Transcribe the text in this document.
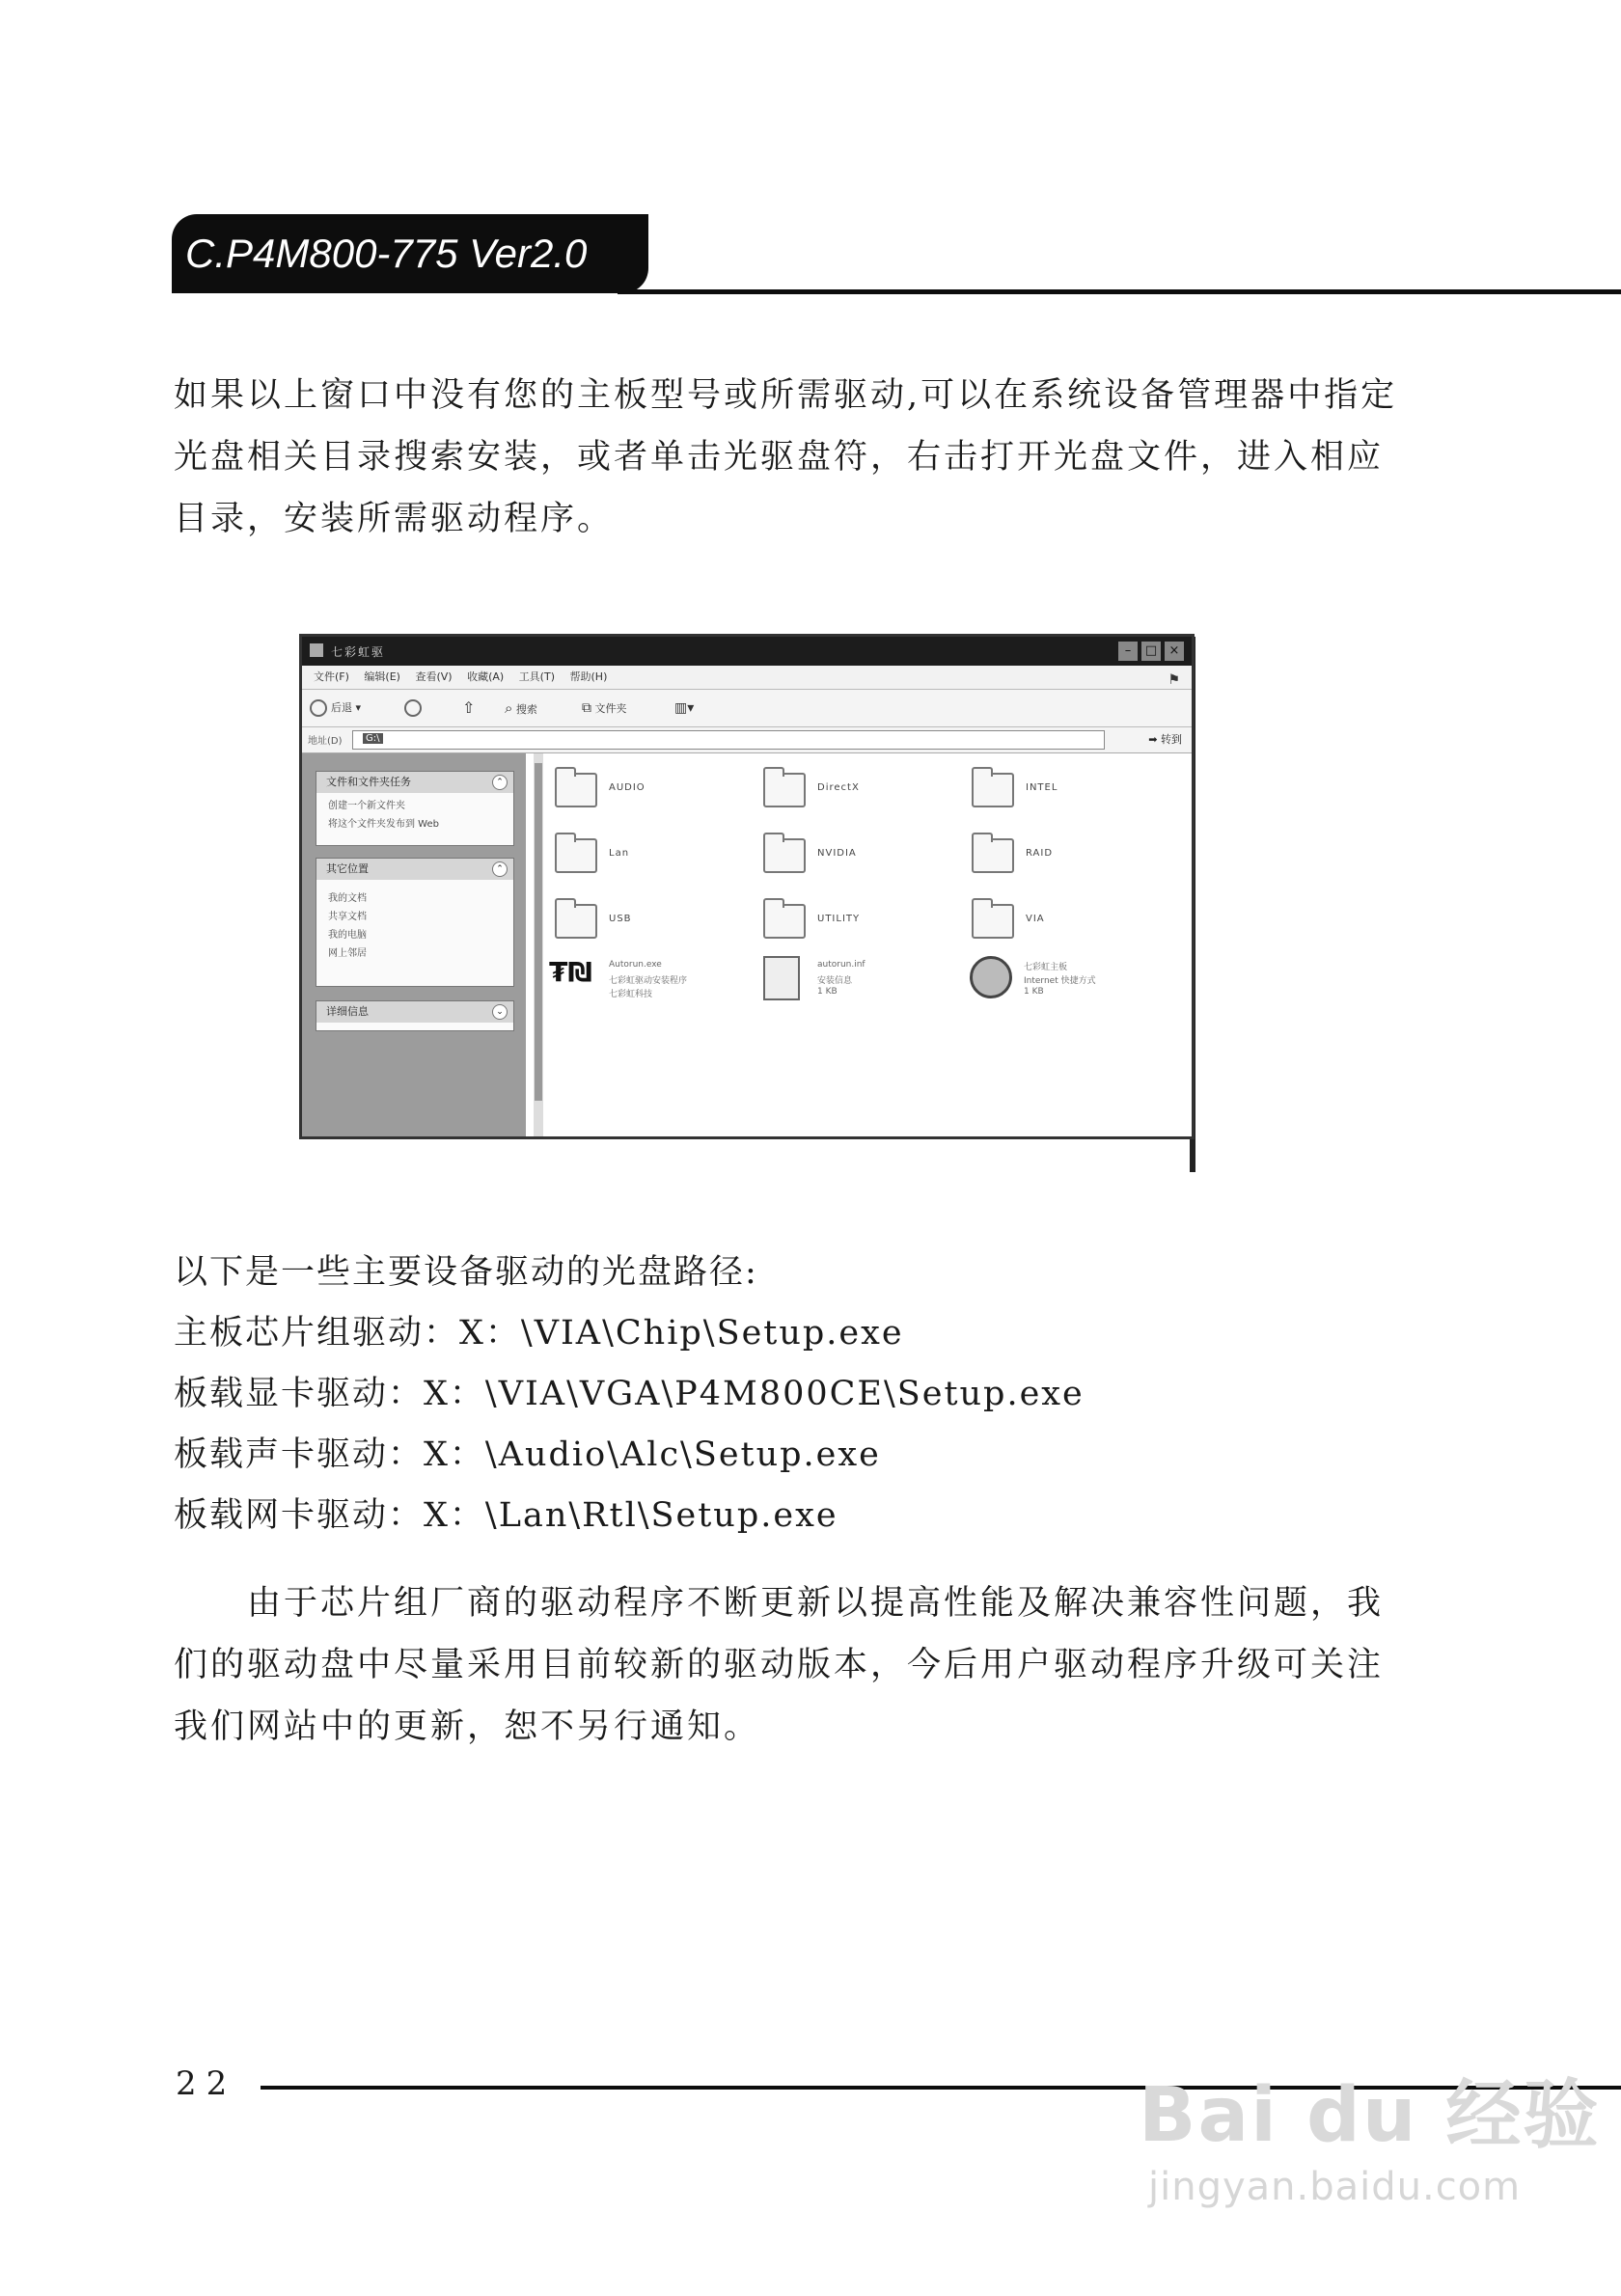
C.P4M800-775 Ver2.0

如果以上窗口中没有您的主板型号或所需驱动,可以在系统设备管理器中指定光盘相关目录搜索安装，或者单击光驱盘符，右击打开光盘文件，进入相应目录，安装所需驱动程序。

七彩虹驱	–	□ ×
文件(F) 编辑(E) 查看(V) 收藏(A) 工具(T) 帮助(H)	⚑
后退 ▾	⇧ ⌕ 搜索	⧉ 文件夹	▥▾
地址(D)	G:\	➡ 转到
文件和文件夹任务	⌃
创建一个新文件夹
将这个文件夹发布到 Web
其它位置	⌃
我的文档
共享文档
我的电脑
网上邻居
详细信息	⌄
AUDIO	DirectX	INTEL
Lan	NVIDIA	RAID
USB	UTILITY	VIA
₮₪	Autorun.exe
七彩虹驱动安装程序
七彩虹科技
autorun.inf
安装信息
1 KB
七彩虹主板
Internet 快捷方式
1 KB
以下是一些主要设备驱动的光盘路径:
主板芯片组驱动：X：\VIA\Chip\Setup.exe
板载显卡驱动：X：\VIA\VGA\P4M800CE\Setup.exe
板载声卡驱动：X：\Audio\Alc\Setup.exe
板载网卡驱动：X：\Lan\Rtl\Setup.exe

　　由于芯片组厂商的驱动程序不断更新以提高性能及解决兼容性问题，我们的驱动盘中尽量采用目前较新的驱动版本，今后用户驱动程序升级可关注我们网站中的更新，恕不另行通知。

22	Bai du 经验
jingyan.baidu.com
